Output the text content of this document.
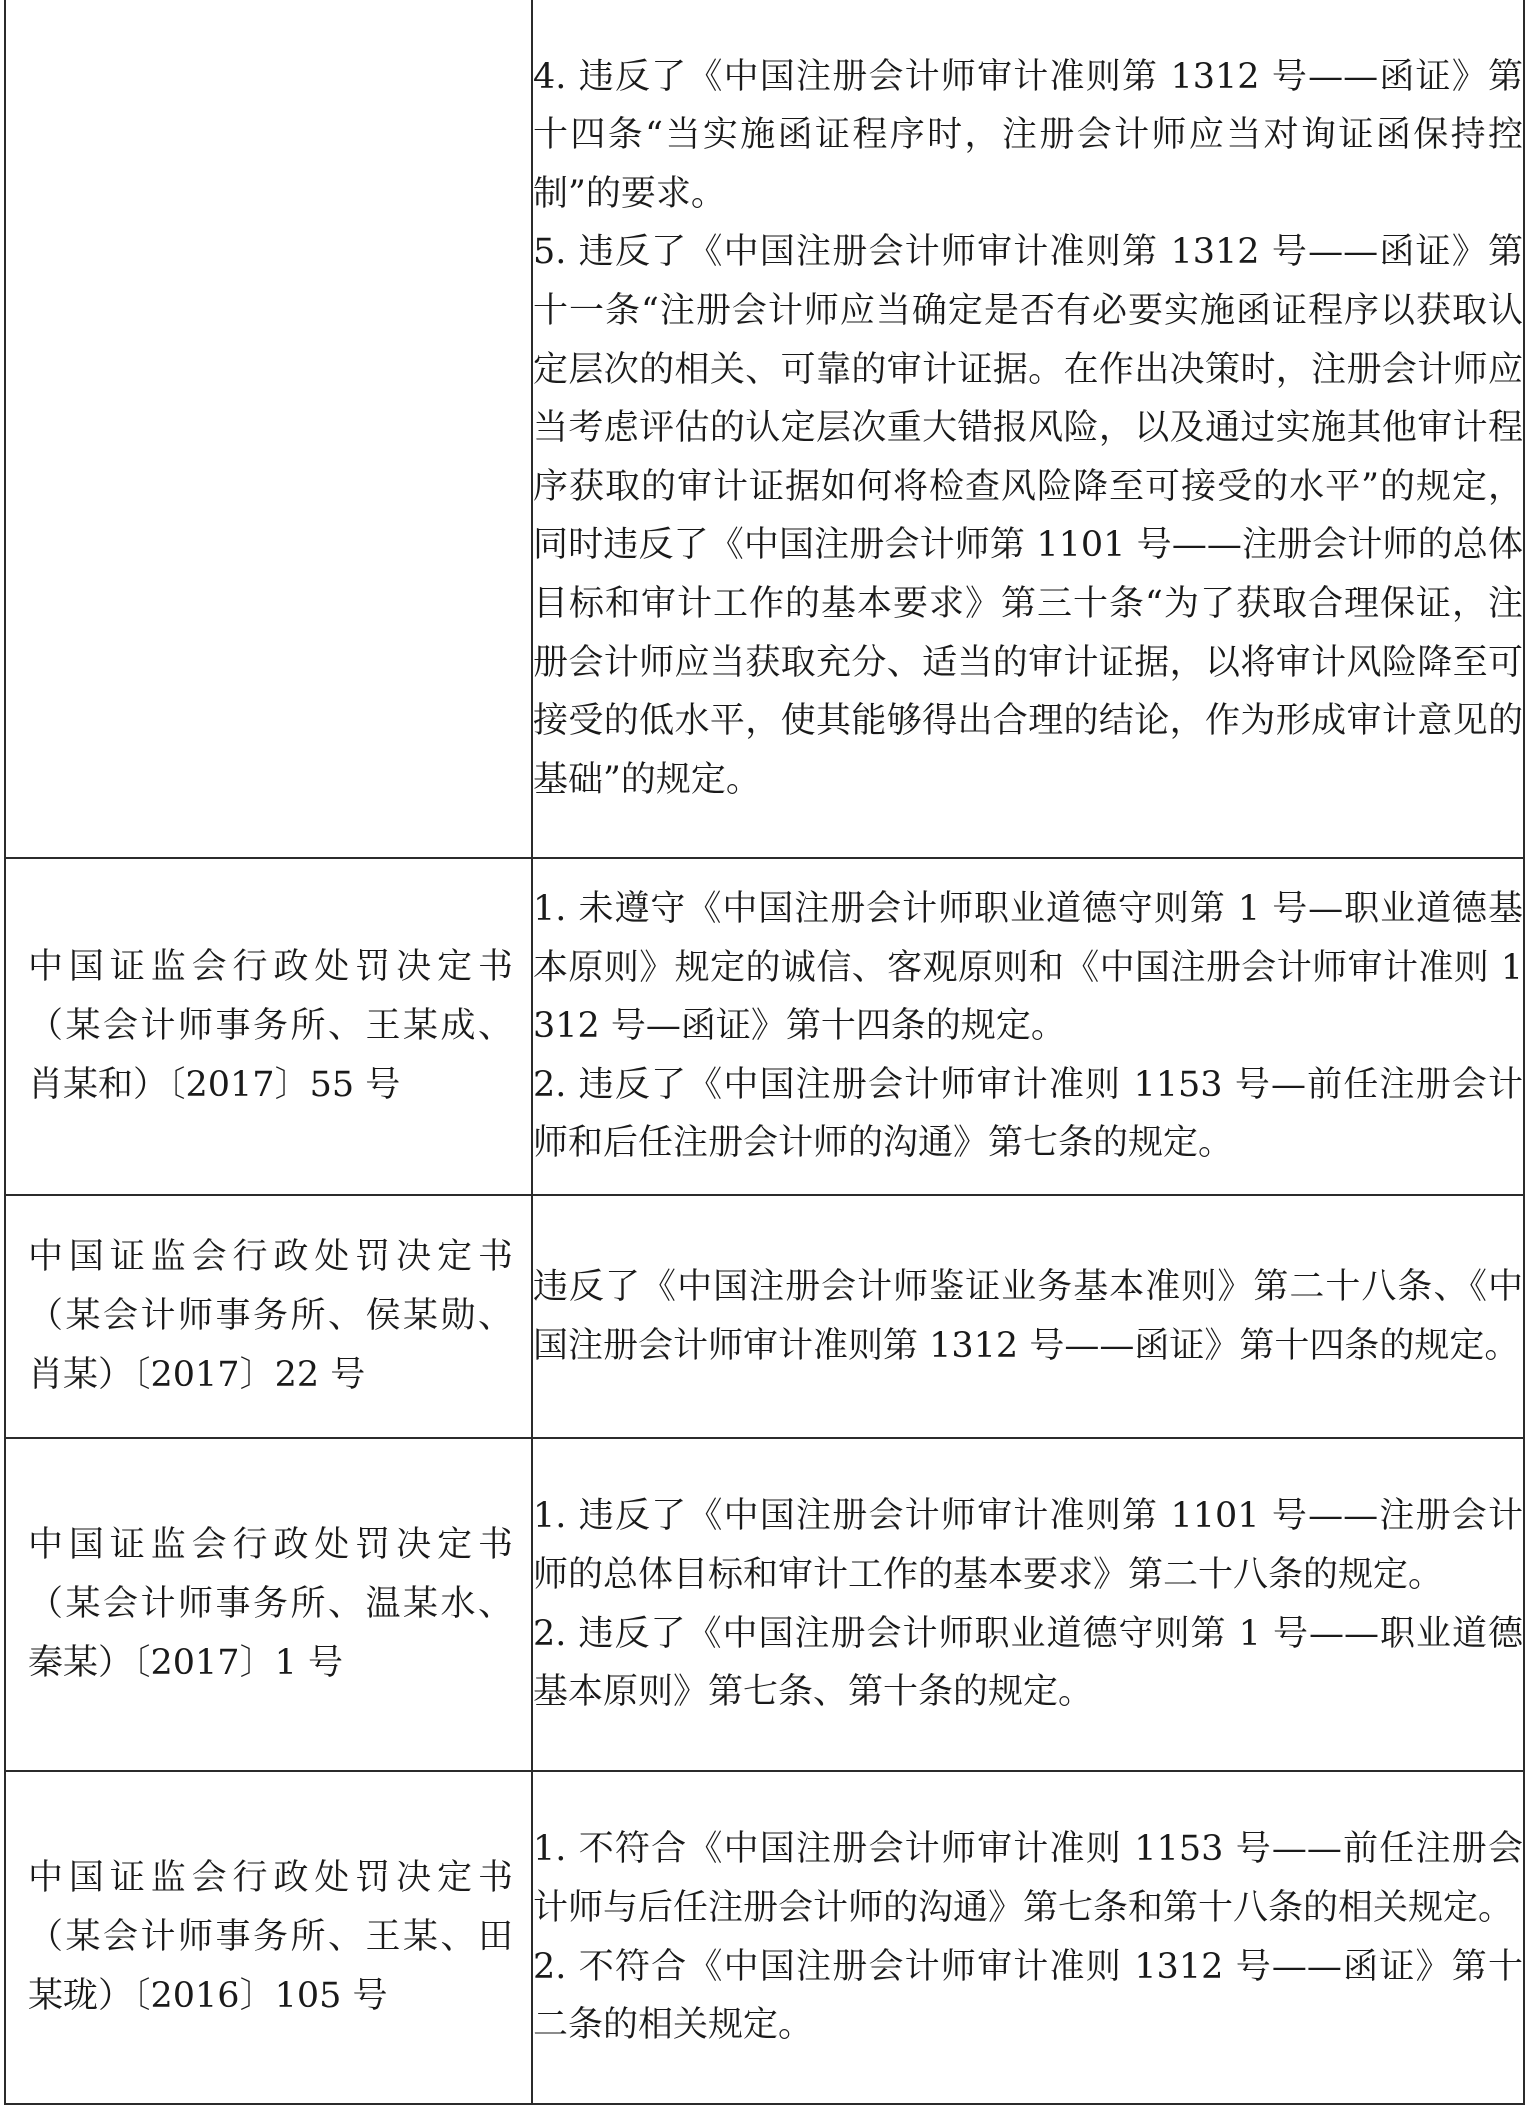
	4. 违反了《中国注册会计师审计准则第 1312 号——函证》第十四条“当实施函证程序时，注册会计师应当对询证函保持控制”的要求。

5. 违反了《中国注册会计师审计准则第 1312 号——函证》第十一条“注册会计师应当确定是否有必要实施函证程序以获取认定层次的相关、可靠的审计证据。在作出决策时，注册会计师应当考虑评估的认定层次重大错报风险，以及通过实施其他审计程序获取的审计证据如何将检查风险降至可接受的水平”的规定，同时违反了《中国注册会计师第 1101 号——注册会计师的总体目标和审计工作的基本要求》第三十条“为了获取合理保证，注册会计师应当获取充分、适当的审计证据，以将审计风险降至可接受的低水平，使其能够得出合理的结论，作为形成审计意见的基础”的规定。

中国证监会行政处罚决定书（某会计师事务所、王某成、肖某和）〔2017〕55 号	1. 未遵守《中国注册会计师职业道德守则第 1 号—职业道德基本原则》规定的诚信、客观原则和《中国注册会计师审计准则 1312 号—函证》第十四条的规定。

2. 违反了《中国注册会计师审计准则 1153 号—前任注册会计师和后任注册会计师的沟通》第七条的规定。

中国证监会行政处罚决定书（某会计师事务所、侯某勋、肖某）〔2017〕22 号	违反了《中国注册会计师鉴证业务基本准则》第二十八条、《中国注册会计师审计准则第 1312 号——函证》第十四条的规定。

中国证监会行政处罚决定书（某会计师事务所、温某水、秦某）〔2017〕1 号	1. 违反了《中国注册会计师审计准则第 1101 号——注册会计师的总体目标和审计工作的基本要求》第二十八条的规定。

2. 违反了《中国注册会计师职业道德守则第 1 号——职业道德基本原则》第七条、第十条的规定。

中国证监会行政处罚决定书（某会计师事务所、王某、田某珑）〔2016〕105 号	1. 不符合《中国注册会计师审计准则 1153 号——前任注册会计师与后任注册会计师的沟通》第七条和第十八条的相关规定。

2. 不符合《中国注册会计师审计准则 1312 号——函证》第十二条的相关规定。
